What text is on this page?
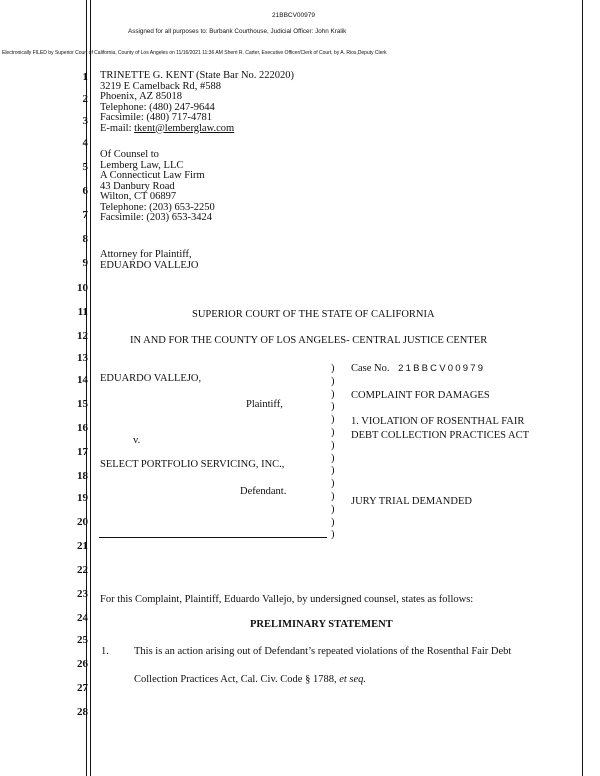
21BBCV00979
Assigned for all purposes to: Burbank Courthouse, Judicial Officer: John Kralik
Electronically FILED by Superior Court of California, County of Los Angeles on 11/16/2021 11:36 AM Sherri R. Carter, Executive Officer/Clerk of Court, by A. Rios,Deputy Clerk
1
2
3
4
5
6
7
8
9
10
11
12
13
14
15
16
17
18
19
20
21
22
23
24
25
26
27
28
TRINETTE G. KENT (State Bar No. 222020)
3219 E Camelback Rd, #588
Phoenix, AZ 85018
Telephone: (480) 247-9644
Facsimile: (480) 717-4781
E-mail: tkent@lemberglaw.com
Of Counsel to
Lemberg Law, LLC
A Connecticut Law Firm
43 Danbury Road
Wilton, CT 06897
Telephone: (203) 653-2250
Facsimile: (203) 653-3424
Attorney for Plaintiff,
EDUARDO VALLEJO
SUPERIOR COURT OF THE STATE OF CALIFORNIA
IN AND FOR THE COUNTY OF LOS ANGELES- CENTRAL JUSTICE CENTER
EDUARDO VALLEJO,
Plaintiff,
v.
SELECT PORTFOLIO SERVICING, INC.,
Defendant.
)
)
)
)
)
)
)
)
)
)
)
)
)
)
Case No. 21BBCV00979
COMPLAINT FOR DAMAGES
1. VIOLATION OF ROSENTHAL FAIR
DEBT COLLECTION PRACTICES ACT
JURY TRIAL DEMANDED
For this Complaint, Plaintiff, Eduardo Vallejo, by undersigned counsel, states as follows:
PRELIMINARY STATEMENT
1. This is an action arising out of Defendant’s repeated violations of the Rosenthal Fair Debt
Collection Practices Act, Cal. Civ. Code § 1788, et seq.
